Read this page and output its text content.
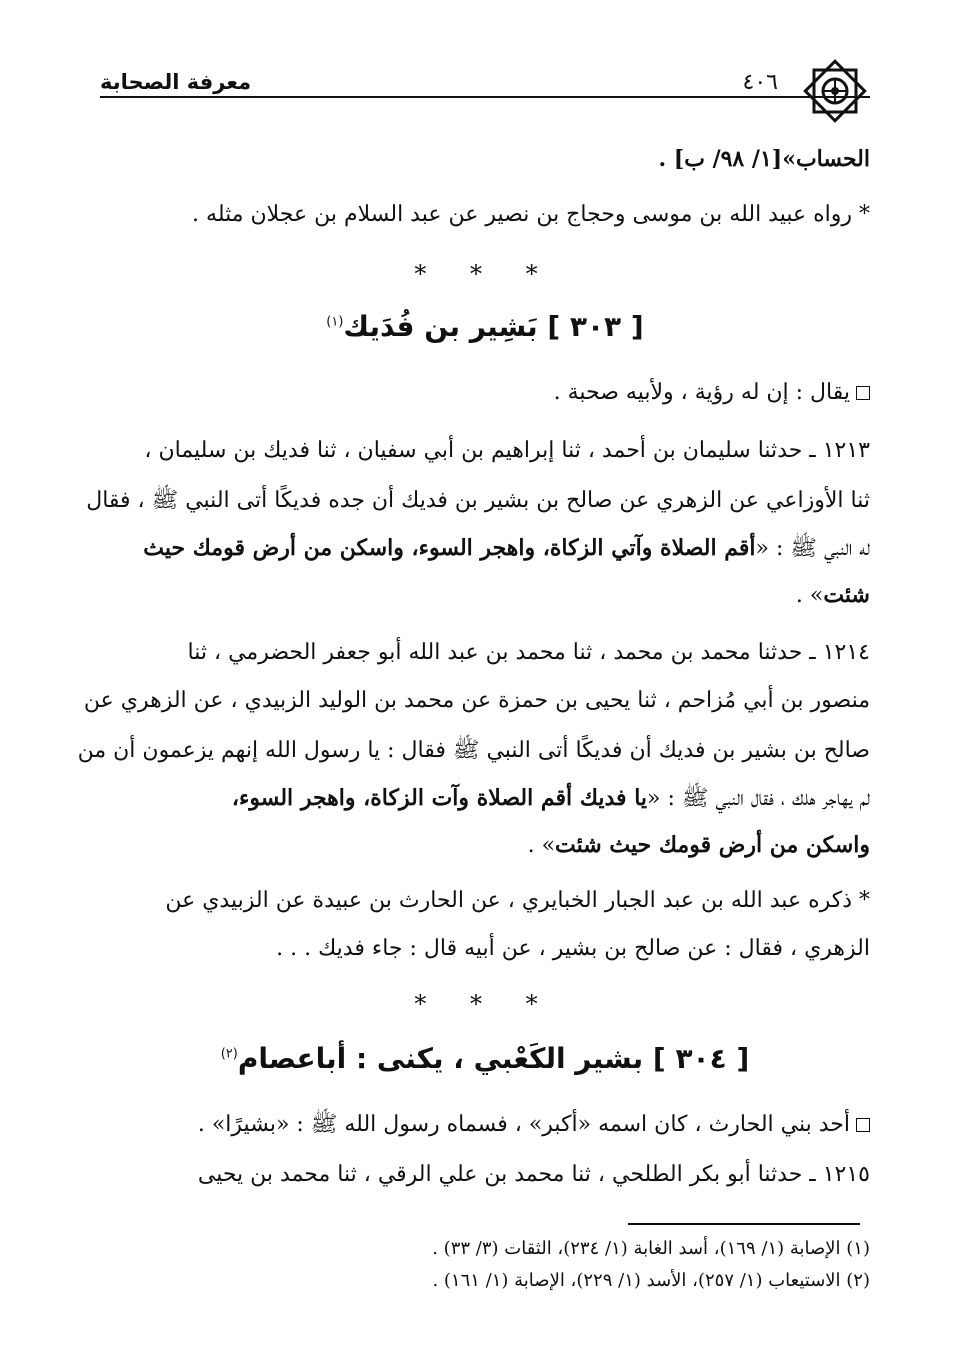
معرفة الصحابة	٤٠٦
الحساب»[١/ ٩٨/ ب] .
* رواه عبيد الله بن موسى وحجاج بن نصير عن عبد السلام بن عجلان مثله .
* * *
[ ٣٠٣ ] بَشِير بن فُدَيك$^{(١)}$
يقال : إن له رؤية ، ولأبيه صحبة .
١٢١٣ ـ حدثنا سليمان بن أحمد ، ثنا إبراهيم بن أبي سفيان ، ثنا فديك بن سليمان ،
ثنا الأوزاعي عن الزهري عن صالح بن بشير بن فديك أن جده فديكًا أتى النبي ﷺ ، فقال
له النبي ﷺ : «أقم الصلاة وآتي الزكاة، واهجر السوء، واسكن من أرض قومك حيث
شئت» .
١٢١٤ ـ حدثنا محمد بن محمد ، ثنا محمد بن عبد الله أبو جعفر الحضرمي ، ثنا
منصور بن أبي مُزاحم ، ثنا يحيى بن حمزة عن محمد بن الوليد الزبيدي ، عن الزهري عن
صالح بن بشير بن فديك أن فديكًا أتى النبي ﷺ فقال : يا رسول الله إنهم يزعمون أن من
لم يهاجر هلك ، فقال النبي ﷺ : «يا فديك أقم الصلاة وآت الزكاة، واهجر السوء،
واسكن من أرض قومك حيث شئت» .
* ذكره عبد الله بن عبد الجبار الخبايري ، عن الحارث بن عبيدة عن الزبيدي عن
الزهري ، فقال : عن صالح بن بشير ، عن أبيه قال : جاء فديك . . .
* * *
[ ٣٠٤ ] بشير الكَعْبي ، يكنى : أباعصام$^{(٢)}$
أحد بني الحارث ، كان اسمه «أكبر» ، فسماه رسول الله ﷺ : «بشيرًا» .
١٢١٥ ـ حدثنا أبو بكر الطلحي ، ثنا محمد بن علي الرقي ، ثنا محمد بن يحيى
(١) الإصابة (١/ ١٦٩)، أسد الغابة (١/ ٢٣٤)، الثقات (٣/ ٣٣) .
(٢) الاستيعاب (١/ ٢٥٧)، الأسد (١/ ٢٢٩)، الإصابة (١/ ١٦١) .
